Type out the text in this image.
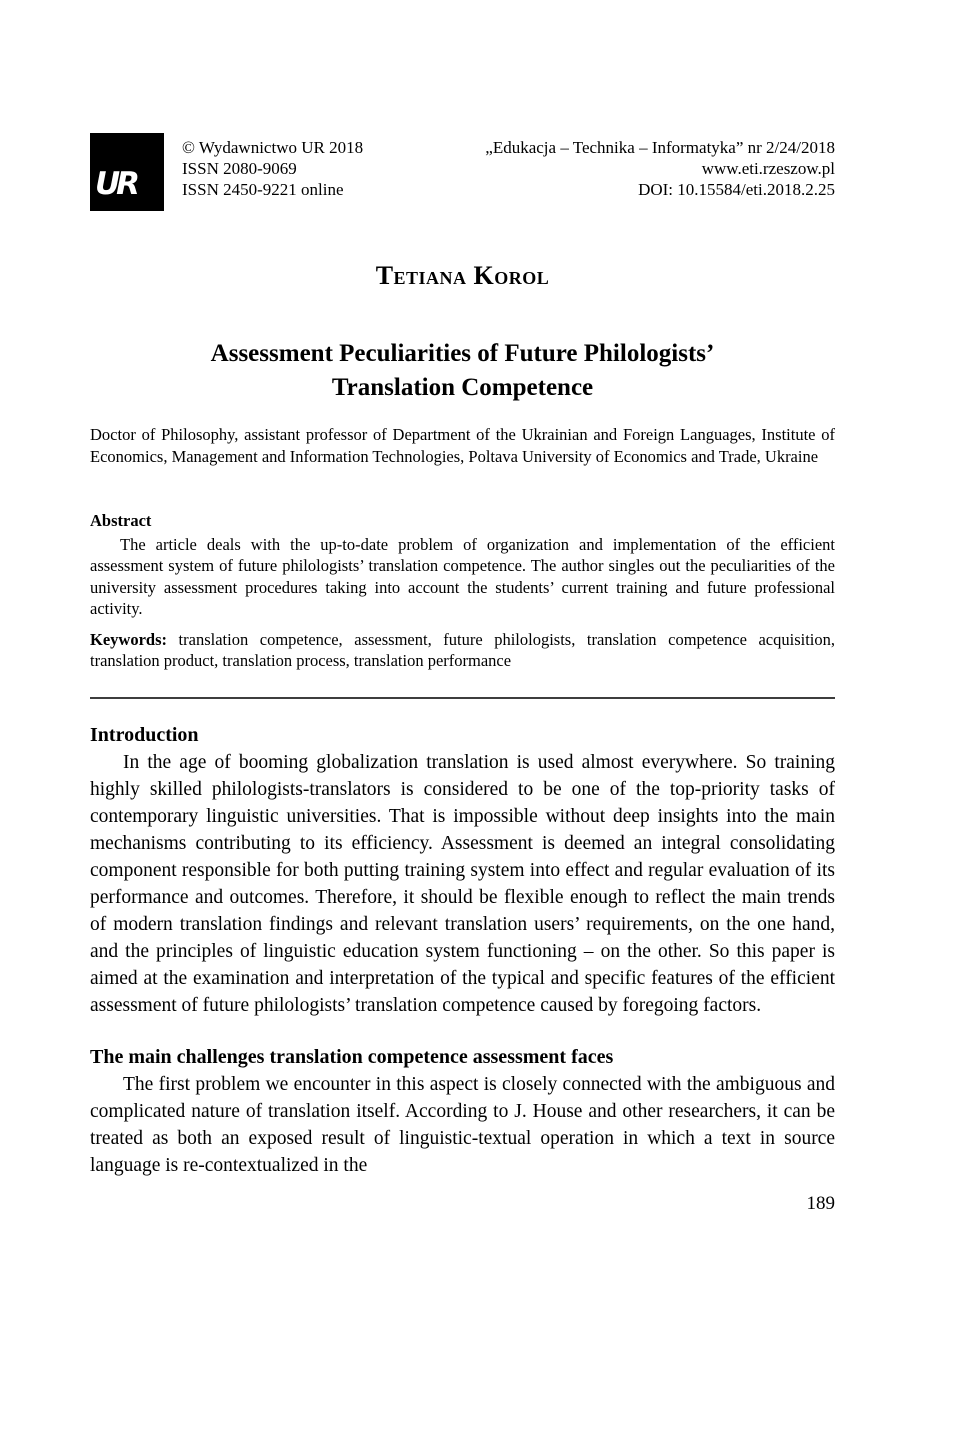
UR
© Wydawnictwo UR 2018
ISSN 2080-9069
ISSN 2450-9221 online
„Edukacja – Technika – Informatyka” nr 2/24/2018
www.eti.rzeszow.pl
DOI: 10.15584/eti.2018.2.25
Tetiana Korol
Assessment Peculiarities of Future Philologists’
Translation Competence

Doctor of Philosophy, assistant professor of Department of the Ukrainian and Foreign Languages, Institute of Economics, Management and Information Technologies, Poltava University of Economics and Trade, Ukraine

Abstract

The article deals with the up-to-date problem of organization and implementation of the efficient assessment system of future philologists’ translation competence. The author singles out the peculiarities of the university assessment procedures taking into account the students’ current training and future professional activity.

Keywords: translation competence, assessment, future philologists, translation competence acquisition, translation product, translation process, translation performance

Introduction

In the age of booming globalization translation is used almost everywhere. So training highly skilled philologists-translators is considered to be one of the top-priority tasks of contemporary linguistic universities. That is impossible without deep insights into the main mechanisms contributing to its efficiency. Assessment is deemed an integral consolidating component responsible for both putting training system into effect and regular evaluation of its performance and outcomes. Therefore, it should be flexible enough to reflect the main trends of modern translation findings and relevant translation users’ requirements, on the one hand, and the principles of linguistic education system functioning – on the other. So this paper is aimed at the examination and interpretation of the typical and specific features of the efficient assessment of future philologists’ translation competence caused by foregoing factors.

The main challenges translation competence assessment faces

The first problem we encounter in this aspect is closely connected with the ambiguous and complicated nature of translation itself. According to J. House and other researchers, it can be treated as both an exposed result of linguistic-textual operation in which a text in source language is re-contextualized in the

189
